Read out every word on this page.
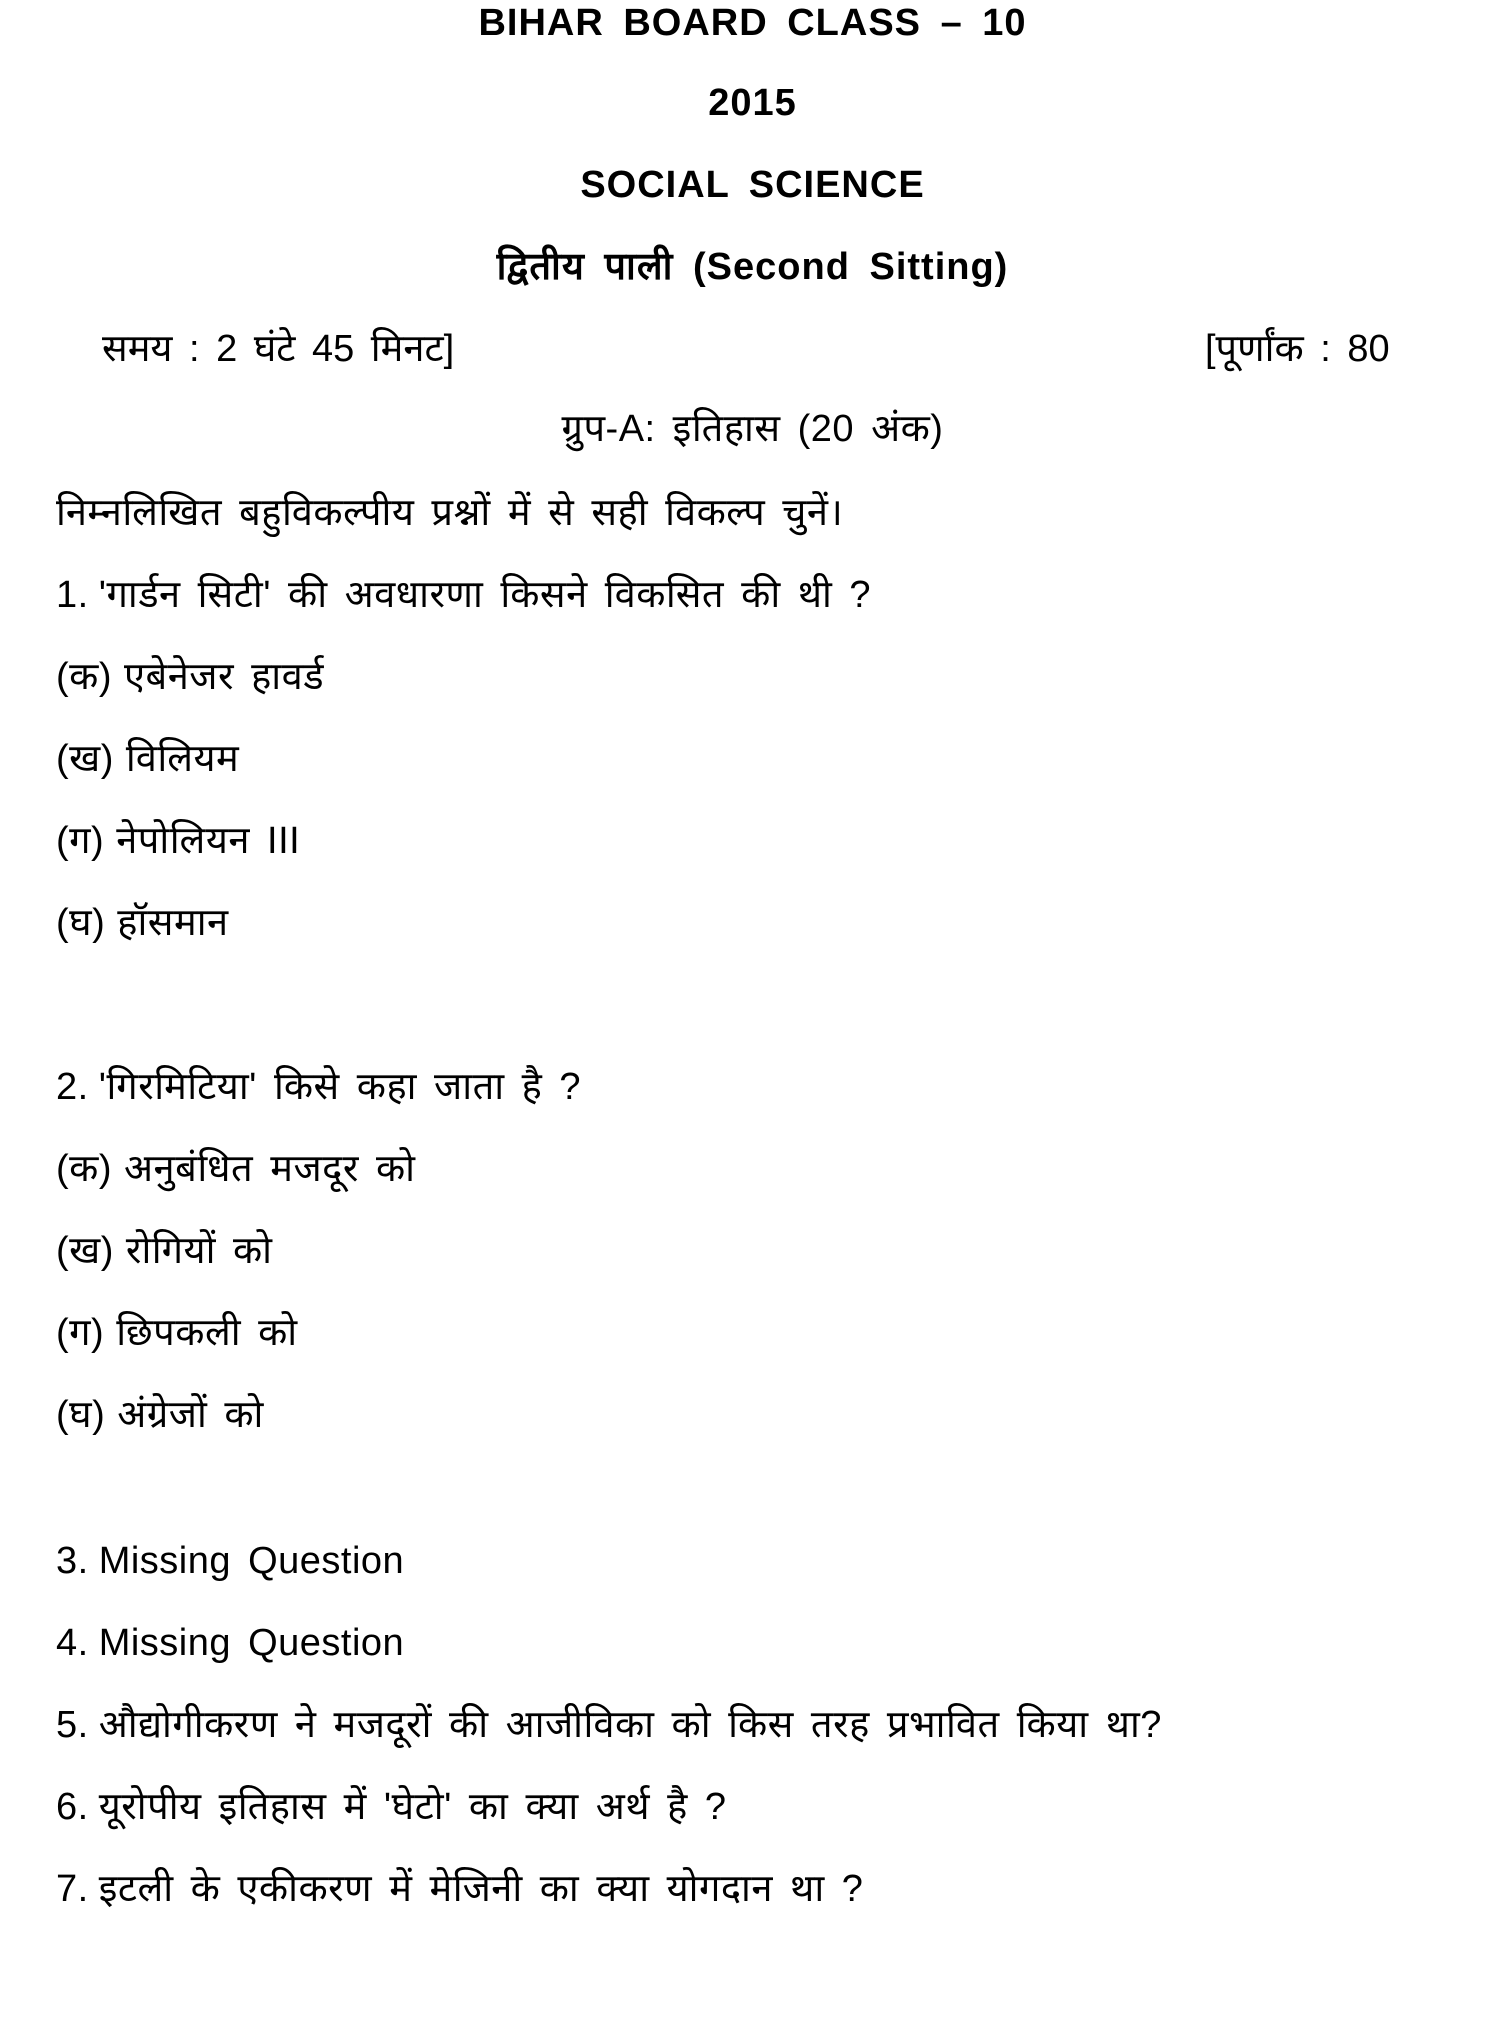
BIHAR BOARD CLASS – 10
2015
SOCIAL SCIENCE
द्वितीय पाली (Second Sitting)
समय : 2 घंटे 45 मिनट]	[पूर्णांक : 80
ग्रुप-A: इतिहास (20 अंक)
निम्नलिखित बहुविकल्पीय प्रश्नों में से सही विकल्प चुनें।
1. 'गार्डन सिटी' की अवधारणा किसने विकसित की थी ?
(क) एबेनेजर हावर्ड
(ख) विलियम
(ग) नेपोलियन III
(घ) हॉसमान
2. 'गिरमिटिया' किसे कहा जाता है ?
(क) अनुबंधित मजदूर को
(ख) रोगियों को
(ग) छिपकली को
(घ) अंग्रेजों को
3. Missing Question
4. Missing Question
5. औद्योगीकरण ने मजदूरों की आजीविका को किस तरह प्रभावित किया था?
6. यूरोपीय इतिहास में 'घेटो' का क्या अर्थ है ?
7. इटली के एकीकरण में मेजिनी का क्या योगदान था ?
